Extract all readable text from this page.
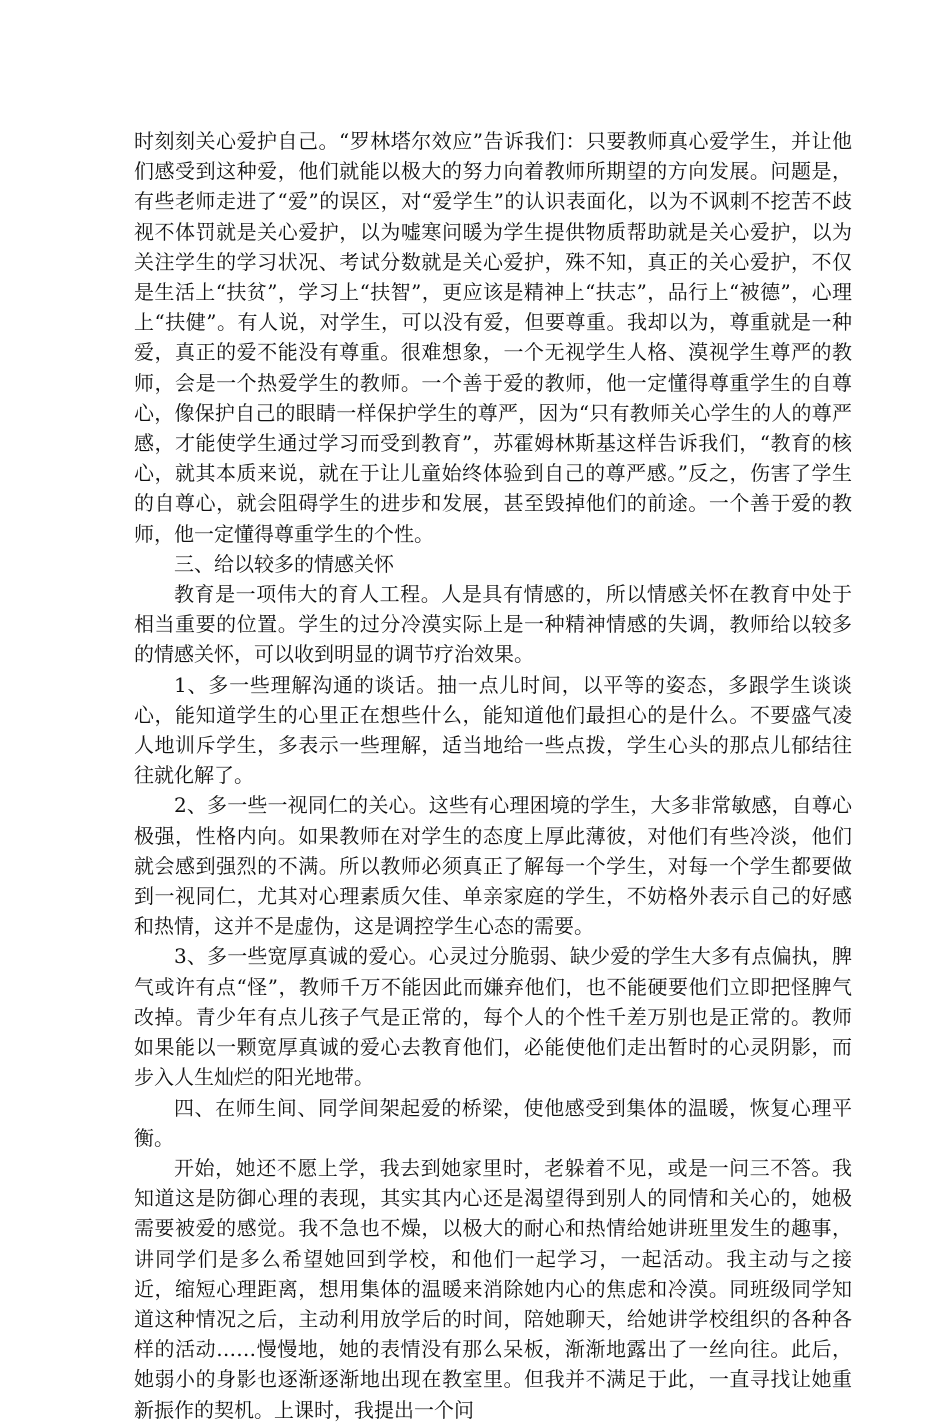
时刻刻关心爱护自己。“罗林塔尔效应”告诉我们：只要教师真心爱学生，并让他们感受到这种爱，他们就能以极大的努力向着教师所期望的方向发展。问题是，有些老师走进了“爱”的误区，对“爱学生”的认识表面化，以为不讽刺不挖苦不歧视不体罚就是关心爱护，以为嘘寒问暖为学生提供物质帮助就是关心爱护，以为关注学生的学习状况、考试分数就是关心爱护，殊不知，真正的关心爱护，不仅是生活上“扶贫”，学习上“扶智”，更应该是精神上“扶志”，品行上“被德”，心理上“扶健”。有人说，对学生，可以没有爱，但要尊重。我却以为，尊重就是一种爱，真正的爱不能没有尊重。很难想象，一个无视学生人格、漠视学生尊严的教师，会是一个热爱学生的教师。一个善于爱的教师，他一定懂得尊重学生的自尊心，像保护自己的眼睛一样保护学生的尊严，因为“只有教师关心学生的人的尊严感，才能使学生通过学习而受到教育”，苏霍姆林斯基这样告诉我们，“教育的核心，就其本质来说，就在于让儿童始终体验到自己的尊严感。”反之，伤害了学生的自尊心，就会阻碍学生的进步和发展，甚至毁掉他们的前途。一个善于爱的教师，他一定懂得尊重学生的个性。

三、给以较多的情感关怀

教育是一项伟大的育人工程。人是具有情感的，所以情感关怀在教育中处于相当重要的位置。学生的过分冷漠实际上是一种精神情感的失调，教师给以较多的情感关怀，可以收到明显的调节疗治效果。

1、多一些理解沟通的谈话。抽一点儿时间，以平等的姿态，多跟学生谈谈心，能知道学生的心里正在想些什么，能知道他们最担心的是什么。不要盛气凌人地训斥学生，多表示一些理解，适当地给一些点拨，学生心头的那点儿郁结往往就化解了。

2、多一些一视同仁的关心。这些有心理困境的学生，大多非常敏感，自尊心极强，性格内向。如果教师在对学生的态度上厚此薄彼，对他们有些冷淡，他们就会感到强烈的不满。所以教师必须真正了解每一个学生，对每一个学生都要做到一视同仁，尤其对心理素质欠佳、单亲家庭的学生，不妨格外表示自己的好感和热情，这并不是虚伪，这是调控学生心态的需要。

3、多一些宽厚真诚的爱心。心灵过分脆弱、缺少爱的学生大多有点偏执，脾气或许有点“怪”，教师千万不能因此而嫌弃他们，也不能硬要他们立即把怪脾气改掉。青少年有点儿孩子气是正常的，每个人的个性千差万别也是正常的。教师如果能以一颗宽厚真诚的爱心去教育他们，必能使他们走出暂时的心灵阴影，而步入人生灿烂的阳光地带。

四、在师生间、同学间架起爱的桥梁，使他感受到集体的温暖，恢复心理平衡。

开始，她还不愿上学，我去到她家里时，老躲着不见，或是一问三不答。我知道这是防御心理的表现，其实其内心还是渴望得到别人的同情和关心的，她极需要被爱的感觉。我不急也不燥，以极大的耐心和热情给她讲班里发生的趣事，讲同学们是多么希望她回到学校，和他们一起学习，一起活动。我主动与之接近，缩短心理距离，想用集体的温暖来消除她内心的焦虑和冷漠。同班级同学知道这种情况之后，主动利用放学后的时间，陪她聊天，给她讲学校组织的各种各样的活动……慢慢地，她的表情没有那么呆板，渐渐地露出了一丝向往。此后，她弱小的身影也逐渐逐渐地出现在教室里。但我并不满足于此，一直寻找让她重新振作的契机。上课时，我提出一个问
